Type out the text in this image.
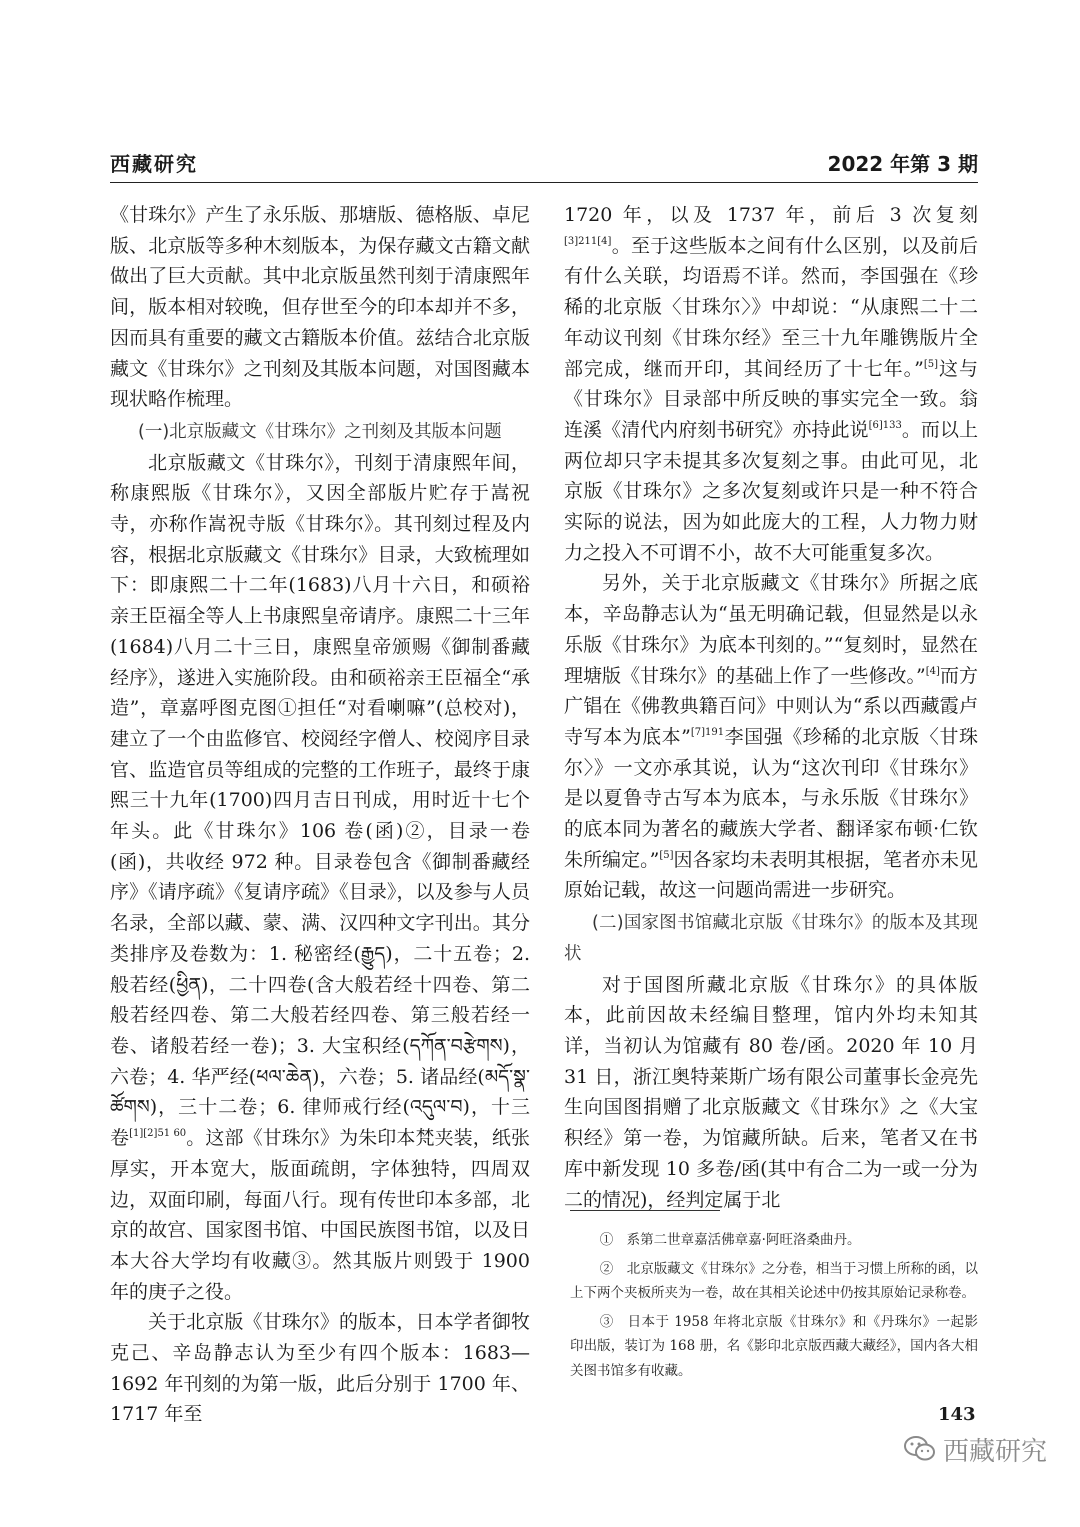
西藏研究	2022 年第 3 期

《甘珠尔》产生了永乐版、那塘版、德格版、卓尼版、北京版等多种木刻版本，为保存藏文古籍文献做出了巨大贡献。其中北京版虽然刊刻于清康熙年间，版本相对较晚，但存世至今的印本却并不多，因而具有重要的藏文古籍版本价值。兹结合北京版藏文《甘珠尔》之刊刻及其版本问题，对国图藏本现状略作梳理。

(一)北京版藏文《甘珠尔》之刊刻及其版本问题

北京版藏文《甘珠尔》，刊刻于清康熙年间，称康熙版《甘珠尔》，又因全部版片贮存于嵩祝寺，亦称作嵩祝寺版《甘珠尔》。其刊刻过程及内容，根据北京版藏文《甘珠尔》目录，大致梳理如下：即康熙二十二年(1683)八月十六日，和硕裕亲王臣福全等人上书康熙皇帝请序。康熙二十三年(1684)八月二十三日，康熙皇帝颁赐《御制番藏经序》，遂进入实施阶段。由和硕裕亲王臣福全“承造”，章嘉呼图克图①担任“对看喇嘛”(总校对)，建立了一个由监修官、校阅经字僧人、校阅序目录官、监造官员等组成的完整的工作班子，最终于康熙三十九年(1700)四月吉日刊成，用时近十七个年头。此《甘珠尔》106 卷(函)②，目录一卷(函)，共收经 972 种。目录卷包含《御制番藏经序》《请序疏》《复请序疏》《目录》，以及参与人员名录，全部以藏、蒙、满、汉四种文字刊出。其分类排序及卷数为：1. 秘密经(རྒྱུད)，二十五卷；2. 般若经(ཕྱིན)，二十四卷(含大般若经十四卷、第二般若经四卷、第二大般若经四卷、第三般若经一卷、诸般若经一卷)；3. 大宝积经(དཀོན་བརྩེགས)，六卷；4. 华严经(ཕལ་ཆེན)，六卷；5. 诸品经(མདོ་སྣ་ཚོགས)，三十二卷；6. 律师戒行经(འདུལ་བ)，十三卷$^{[1][2]51 60}$。这部《甘珠尔》为朱印本梵夹装，纸张厚实，开本宽大，版面疏朗，字体独特，四周双边，双面印刷，每面八行。现有传世印本多部，北京的故宫、国家图书馆、中国民族图书馆，以及日本大谷大学均有收藏③。然其版片则毁于 1900 年的庚子之役。

关于北京版《甘珠尔》的版本，日本学者御牧克己、辛岛静志认为至少有四个版本：1683—1692 年刊刻的为第一版，此后分别于 1700 年、1717 年至

1720 年，以及 1737 年，前后 3 次复刻[3]211[4]。至于这些版本之间有什么区别，以及前后有什么关联，均语焉不详。然而，李国强在《珍稀的北京版〈甘珠尔〉》中却说：“从康熙二十二年动议刊刻《甘珠尔经》至三十九年雕镌版片全部完成，继而开印，其间经历了十七年。”[5]这与《甘珠尔》目录部中所反映的事实完全一致。翁连溪《清代内府刻书研究》亦持此说$^{[6]133}$。而以上两位却只字未提其多次复刻之事。由此可见，北京版《甘珠尔》之多次复刻或许只是一种不符合实际的说法，因为如此庞大的工程，人力物力财力之投入不可谓不小，故不大可能重复多次。

另外，关于北京版藏文《甘珠尔》所据之底本，辛岛静志认为“虽无明确记载，但显然是以永乐版《甘珠尔》为底本刊刻的。”“复刻时，显然在理塘版《甘珠尔》的基础上作了一些修改。”[4]而方广锠在《佛教典籍百问》中则认为“系以西藏霞卢寺写本为底本”$^{[7]191}$李国强《珍稀的北京版〈甘珠尔〉》一文亦承其说，认为“这次刊印《甘珠尔》是以夏鲁寺古写本为底本，与永乐版《甘珠尔》的底本同为著名的藏族大学者、翻译家布顿·仁钦朱所编定。”[5]因各家均未表明其根据，笔者亦未见原始记载，故这一问题尚需进一步研究。

(二)国家图书馆藏北京版《甘珠尔》的版本及其现状

对于国图所藏北京版《甘珠尔》的具体版本，此前因故未经编目整理，馆内外均未知其详，当初认为馆藏有 80 卷/函。2020 年 10 月 31 日，浙江奥特莱斯广场有限公司董事长金亮先生向国图捐赠了北京版藏文《甘珠尔》之《大宝积经》第一卷，为馆藏所缺。后来，笔者又在书库中新发现 10 多卷/函(其中有合二为一或一分为二的情况)，经判定属于北

①　系第二世章嘉活佛章嘉·阿旺洛桑曲丹。

②　北京版藏文《甘珠尔》之分卷，相当于习惯上所称的函，以上下两个夹板所夹为一卷，故在其相关论述中仍按其原始记录称卷。

③　日本于 1958 年将北京版《甘珠尔》和《丹珠尔》一起影印出版，装订为 168 册，名《影印北京版西藏大藏经》，国内各大相关图书馆多有收藏。

143
西藏研究
